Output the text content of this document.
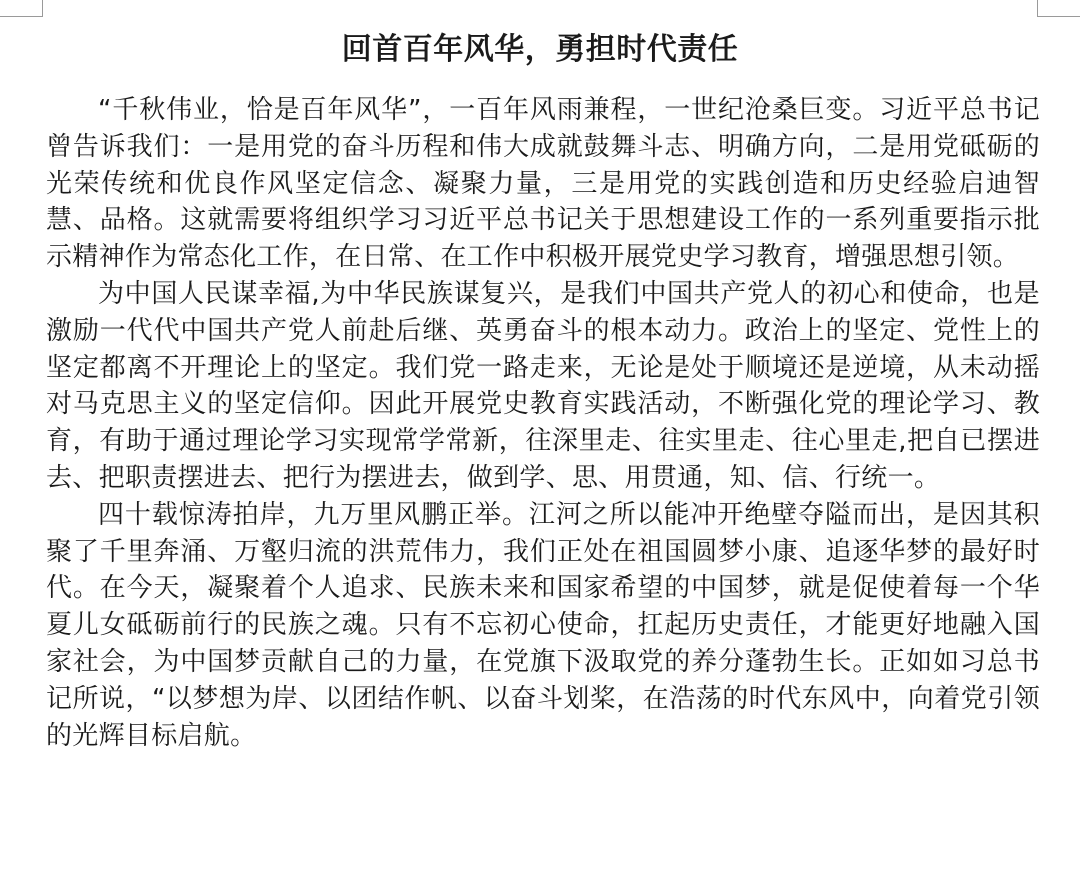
回首百年风华，勇担时代责任

“千秋伟业，恰是百年风华”，一百年风雨兼程，一世纪沧桑巨变。习近平总书记曾告诉我们：一是用党的奋斗历程和伟大成就鼓舞斗志、明确方向，二是用党砥砺的光荣传统和优良作风坚定信念、凝聚力量，三是用党的实践创造和历史经验启迪智慧、品格。这就需要将组织学习习近平总书记关于思想建设工作的一系列重要指示批示精神作为常态化工作，在日常、在工作中积极开展党史学习教育，增强思想引领。

为中国人民谋幸福,为中华民族谋复兴，是我们中国共产党人的初心和使命，也是激励一代代中国共产党人前赴后继、英勇奋斗的根本动力。政治上的坚定、党性上的坚定都离不开理论上的坚定。我们党一路走来，无论是处于顺境还是逆境，从未动摇对马克思主义的坚定信仰。因此开展党史教育实践活动，不断强化党的理论学习、教育，有助于通过理论学习实现常学常新，往深里走、往实里走、往心里走,把自已摆进去、把职责摆进去、把行为摆进去，做到学、思、用贯通，知、信、行统一。

四十载惊涛拍岸，九万里风鹏正举。江河之所以能冲开绝壁夺隘而出，是因其积聚了千里奔涌、万壑归流的洪荒伟力，我们正处在祖国圆梦小康、追逐华梦的最好时代。在今天，凝聚着个人追求、民族未来和国家希望的中国梦，就是促使着每一个华夏儿女砥砺前行的民族之魂。只有不忘初心使命，扛起历史责任，才能更好地融入国家社会，为中国梦贡献自己的力量，在党旗下汲取党的养分蓬勃生长。正如如习总书记所说，“以梦想为岸、以团结作帆、以奋斗划桨，在浩荡的时代东风中，向着党引领的光辉目标启航。
